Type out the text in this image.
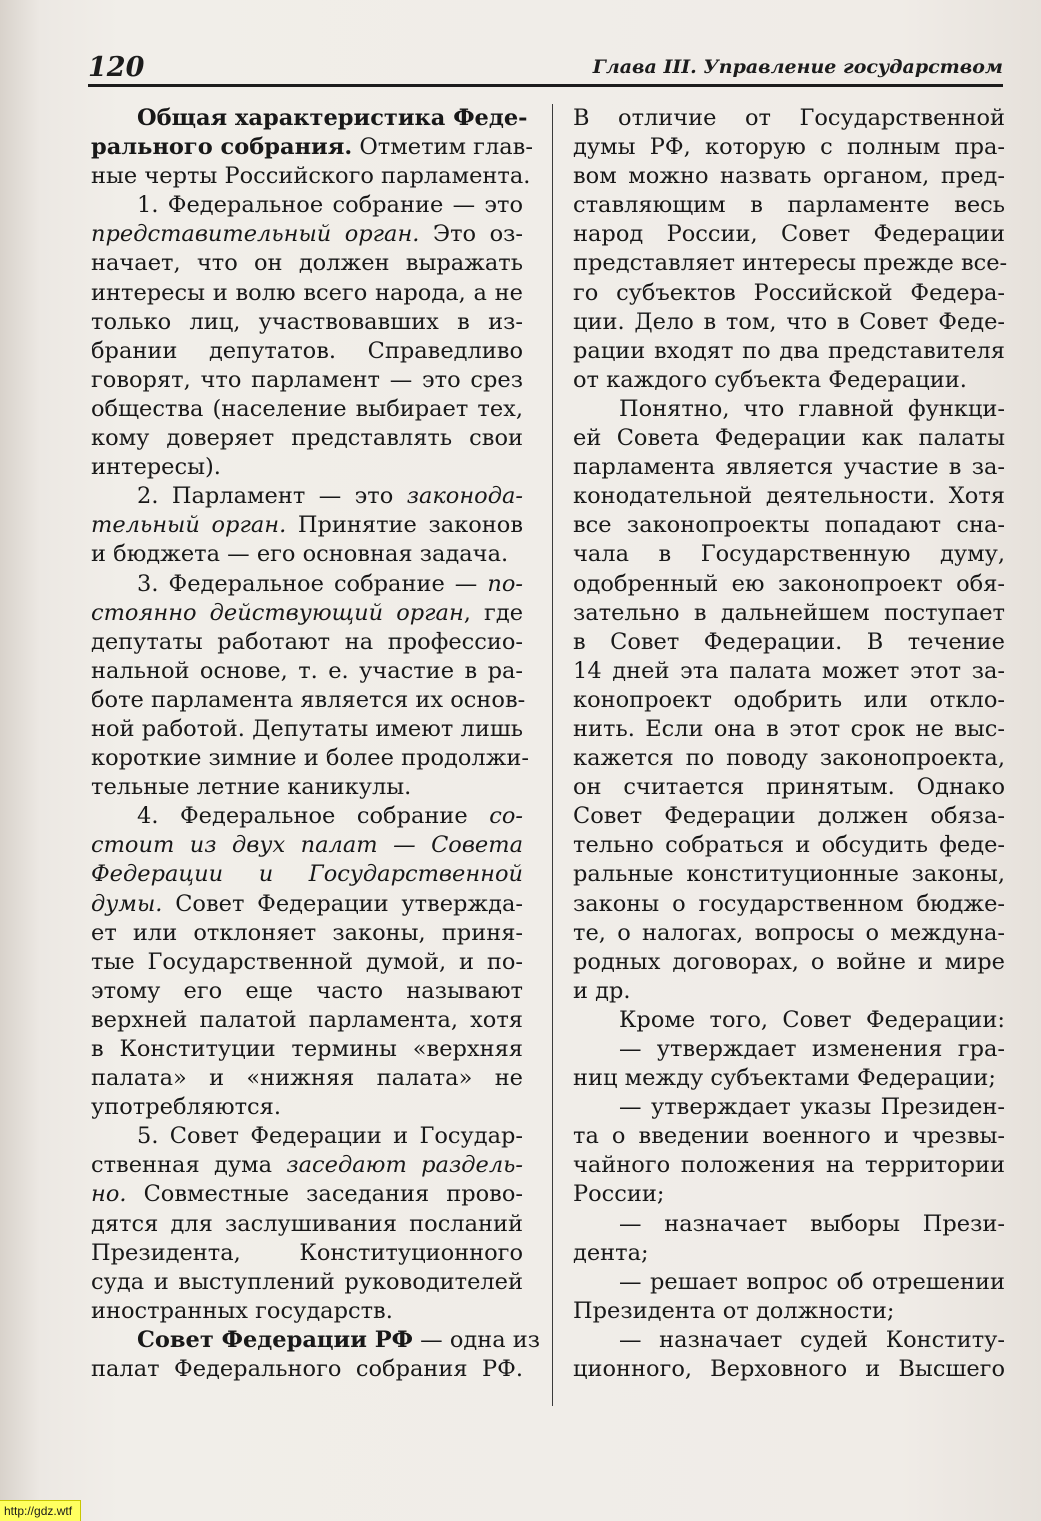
120	Глава III. Управление государством
Общая характеристика Феде-
рального собрания. Отметим глав-
ные черты Российского парламента.
1. Федеральное собрание — это
представительный орган. Это оз-
начает, что он должен выражать
интересы и волю всего народа, а не
только лиц, участвовавших в из-
брании депутатов. Справедливо
говорят, что парламент — это срез
общества (население выбирает тех,
кому доверяет представлять свои
интересы).
2. Парламент — это законода-
тельный орган. Принятие законов
и бюджета — его основная задача.
3. Федеральное собрание — по-
стоянно действующий орган, где
депутаты работают на профессио-
нальной основе, т. е. участие в ра-
боте парламента является их основ-
ной работой. Депутаты имеют лишь
короткие зимние и более продолжи-
тельные летние каникулы.
4. Федеральное собрание со-
стоит из двух палат — Совета
Федерации и Государственной
думы. Совет Федерации утвержда-
ет или отклоняет законы, приня-
тые Государственной думой, и по-
этому его еще часто называют
верхней палатой парламента, хотя
в Конституции термины «верхняя
палата» и «нижняя палата» не
употребляются.
5. Совет Федерации и Государ-
ственная дума заседают раздель-
но. Совместные заседания прово-
дятся для заслушивания посланий
Президента, Конституционного
суда и выступлений руководителей
иностранных государств.
Совет Федерации РФ — одна из
палат Федерального собрания РФ.
В отличие от Государственной
думы РФ, которую с полным пра-
вом можно назвать органом, пред-
ставляющим в парламенте весь
народ России, Совет Федерации
представляет интересы прежде все-
го субъектов Российской Федера-
ции. Дело в том, что в Совет Феде-
рации входят по два представителя
от каждого субъекта Федерации.
Понятно, что главной функци-
ей Совета Федерации как палаты
парламента является участие в за-
конодательной деятельности. Хотя
все законопроекты попадают сна-
чала в Государственную думу,
одобренный ею законопроект обя-
зательно в дальнейшем поступает
в Совет Федерации. В течение
14 дней эта палата может этот за-
конопроект одобрить или откло-
нить. Если она в этот срок не выс-
кажется по поводу законопроекта,
он считается принятым. Однако
Совет Федерации должен обяза-
тельно собраться и обсудить феде-
ральные конституционные законы,
законы о государственном бюдже-
те, о налогах, вопросы о междуна-
родных договорах, о войне и мире
и др.
Кроме того, Совет Федерации:
— утверждает изменения гра-
ниц между субъектами Федерации;
— утверждает указы Президен-
та о введении военного и чрезвы-
чайного положения на территории
России;
— назначает выборы Прези-
дента;
— решает вопрос об отрешении
Президента от должности;
— назначает судей Конститу-
ционного, Верховного и Высшего
http://gdz.wtf
